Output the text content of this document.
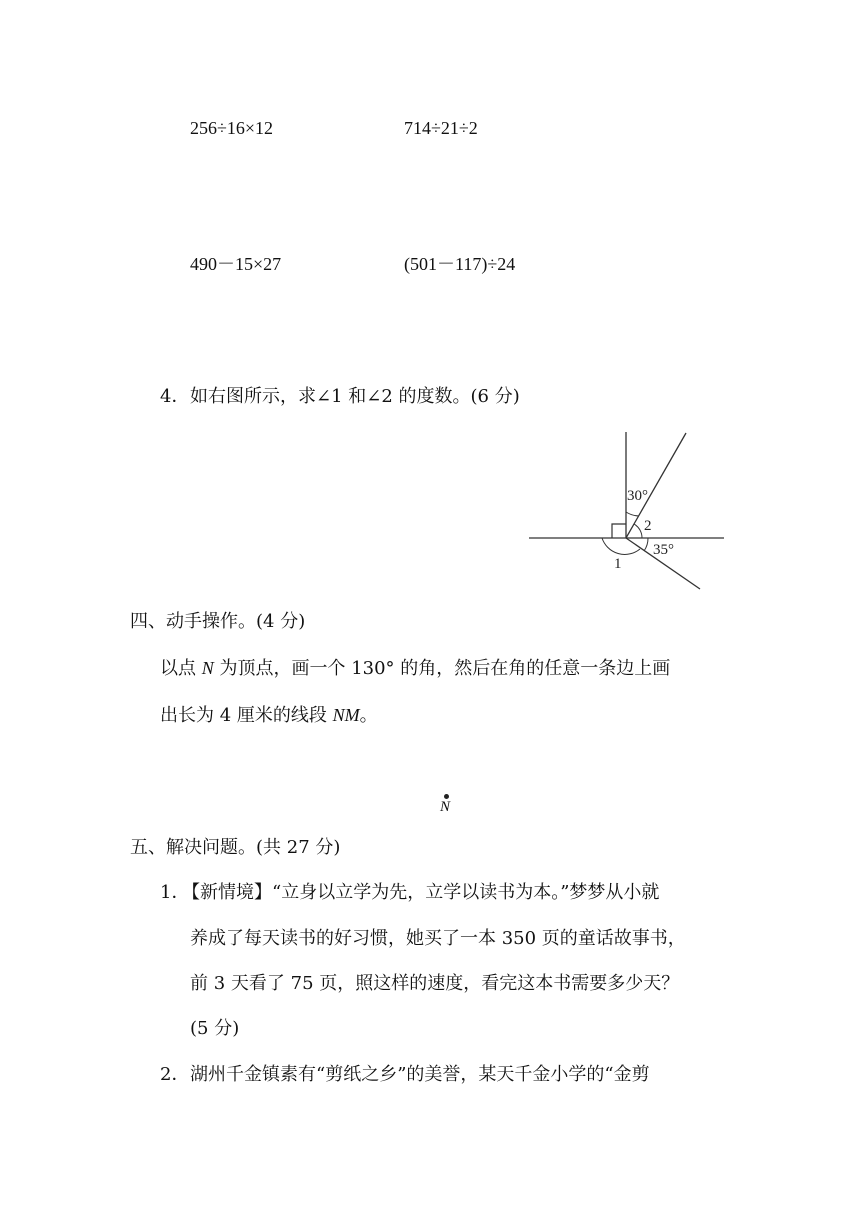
256÷16×12	714÷21÷2
490－15×27	(501－117)÷24
4． 如右图所示，求∠1 和∠2 的度数。(6 分)
30°
2
35°
1
四、动手操作。(4 分)
以点 N 为顶点，画一个 130° 的角，然后在角的任意一条边上画
出长为 4 厘米的线段 NM。
N
五、解决问题。(共 27 分)
1．
【新情境】“立身以立学为先，立学以读书为本。”梦梦从小就
养成了每天读书的好习惯，她买了一本 350 页的童话故事书，
前 3 天看了 75 页，照这样的速度，看完这本书需要多少天？
(5 分)
2． 湖州千金镇素有“剪纸之乡”的美誉，某天千金小学的“金剪
